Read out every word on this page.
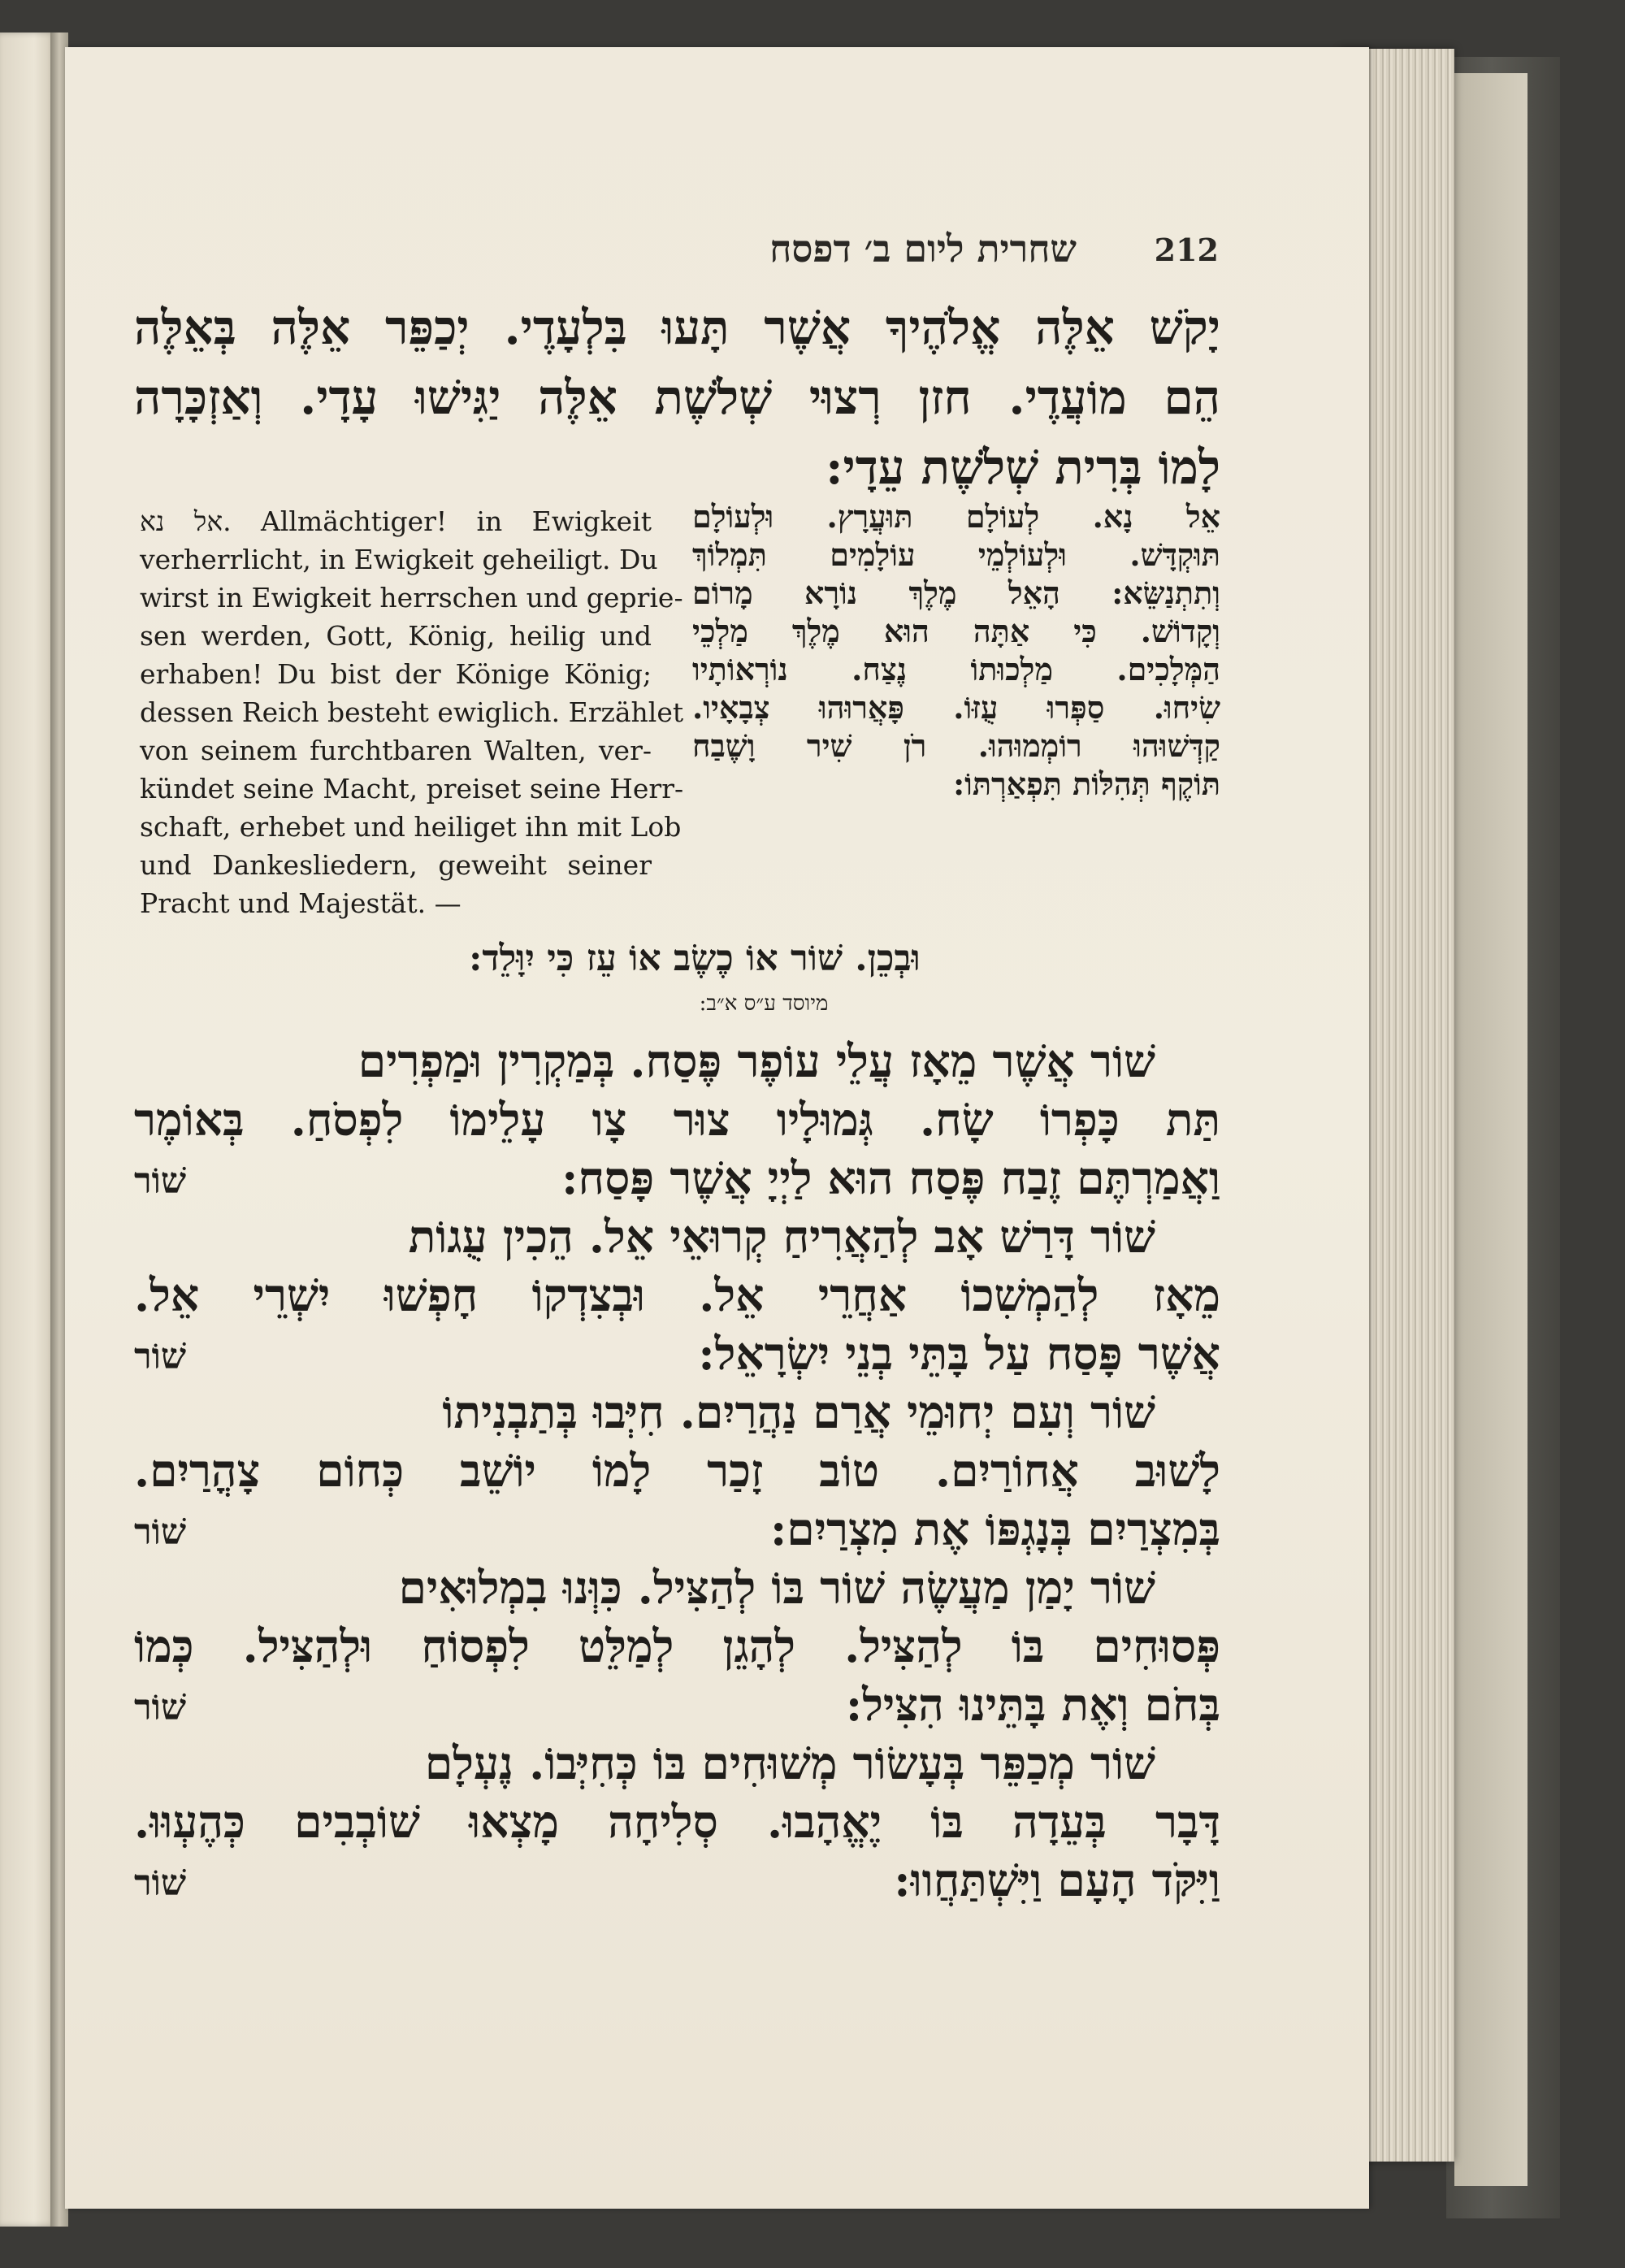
שחרית ליום ב׳ דפסח	212
יָקֹשׁ אֵלֶּה אֱלֹהֶיךָ אֲשֶׁר תָּעוּ בִּלְעָדֶי. יְכַפֵּר אֵלֶּה בְּאֵלֶּה
הֵם מוֹעֲדֶי. חזן רְצוּי שְׁלֹשֶׁת אֵלֶּה יַגִּישׁוּ עָדָי. וְאַזְכָּרָה
לָמוֹ בְּרִית שְׁלֹשֶׁת עֵדָי:
אל נא. Allmächtiger! in Ewigkeit
verherrlicht, in Ewigkeit geheiligt. Du
wirst in Ewigkeit herrschen und geprie-
sen werden, Gott, König, heilig und
erhaben! Du bist der Könige König;
dessen Reich besteht ewiglich. Erzählet
von seinem furchtbaren Walten, ver-
kündet seine Macht, preiset seine Herr-
schaft, erhebet und heiliget ihn mit Lob
und Dankesliedern, geweiht seiner
Pracht und Majestät. —
אֵל נָא. לְעוֹלָם תּוּעֲרָץ. וּלְעוֹלָם
תּוּקְדָּשׁ. וּלְעוֹלְמֵי עוֹלָמִים תִּמְלוֹךְ
וְתִתְנַשֵּׂא: הָאֵל מֶלֶךְ נוֹרָא מָרוֹם
וְקָדוֹשׁ. כִּי אַתָּה הוּא מֶלֶךְ מַלְכֵי
הַמְּלָכִים. מַלְכוּתוֹ נֶצַח. נוֹרְאוֹתָיו
שִׂיחוּ. סַפְּרוּ עֻזּוֹ. פָּאֲרוּהוּ צְבָאָיו.
קַדְּשׁוּהוּ רוֹמְמוּהוּ. רֹן שִׁיר וָשֶׁבַח
תּוֹקֶף תְּהִלּוֹת תִּפְאַרְתּוֹ:
וּבְכֵן. שׁוֹר אוֹ כֶשֶׂב אוֹ עֵז כִּי יִוָּלֵד:
מיוסד ע״ס א״ב:
שׁוֹר אֲשֶׁר מֵאָז עֲלֵי עוֹפֶר פֶּסַח. בְּמַקְרִין וּמַפְרִים
תַּת כָּפְרוֹ שָׂח. גְּמוּלָיו צוּר צָו עָלֵימוֹ לִפְסֹחַ. בְּאוֹמֶר
וַאֲמַרְתֶּם זֶבַח פֶּסַח הוּא לַיְיָ אֲשֶׁר פָּסַח:
שׁוֹר
שׁוֹר דָּרַשׁ אָב לְהַאֲרִיחַ קְרוּאֵי אֵל. הֵכִין עֻגוֹת
מֵאָז לְהַמְשִׁכוֹ אַחֲרֵי אֵל. וּבְצִדְקוֹ חָפְשׁוּ יִשְׁרֵי אֵל.
אֲשֶׁר פָּסַח עַל בָּתֵּי בְנֵי יִשְׂרָאֵל:
שׁוֹר
שׁוֹר וְעִם יְחוּמֵי אֲרַם נַהֲרַיִם. חִיְּבוּ בְּתַבְנִיתוֹ
לָשׁוּב אֲחוֹרַיִם. טוֹב זָכַר לָמוֹ יוֹשֵׁב כְּחוֹם צָהֳרַיִם.
בְּמִצְרַיִם בְּנָגְפּוֹ אֶת מִצְרַיִם:
שׁוֹר
שׁוֹר יָמַן מַעֲשֶׂה שׁוֹר בּוֹ לְהַצִּיל. כִּוְּנוּ בִמְלוּאִים
פְּסוּחִים בּוֹ לְהַצִּיל. לְהָגֵן לְמַלֵּט לִפְסוֹחַ וּלְהַצִּיל. כְּמוֹ
בְּחֹם וְאֶת בָּתֵּינוּ הִצִּיל:
שׁוֹר
שׁוֹר מְכַפֵּר בְּעָשׂוֹר מְשׁוּחִים בּוֹ כְּחִיְּבוֹ. נֶעְלָם
דָּבָר בְּעֵדָה בּוֹ יֶאֱהָבוּ. סְלִיחָה מָצְאוּ שׁוֹבְבִים כְּהֶעְוּוּ.
וַיִּקֹּד הָעָם וַיִּשְׁתַּחֲווּ:
שׁוֹר
